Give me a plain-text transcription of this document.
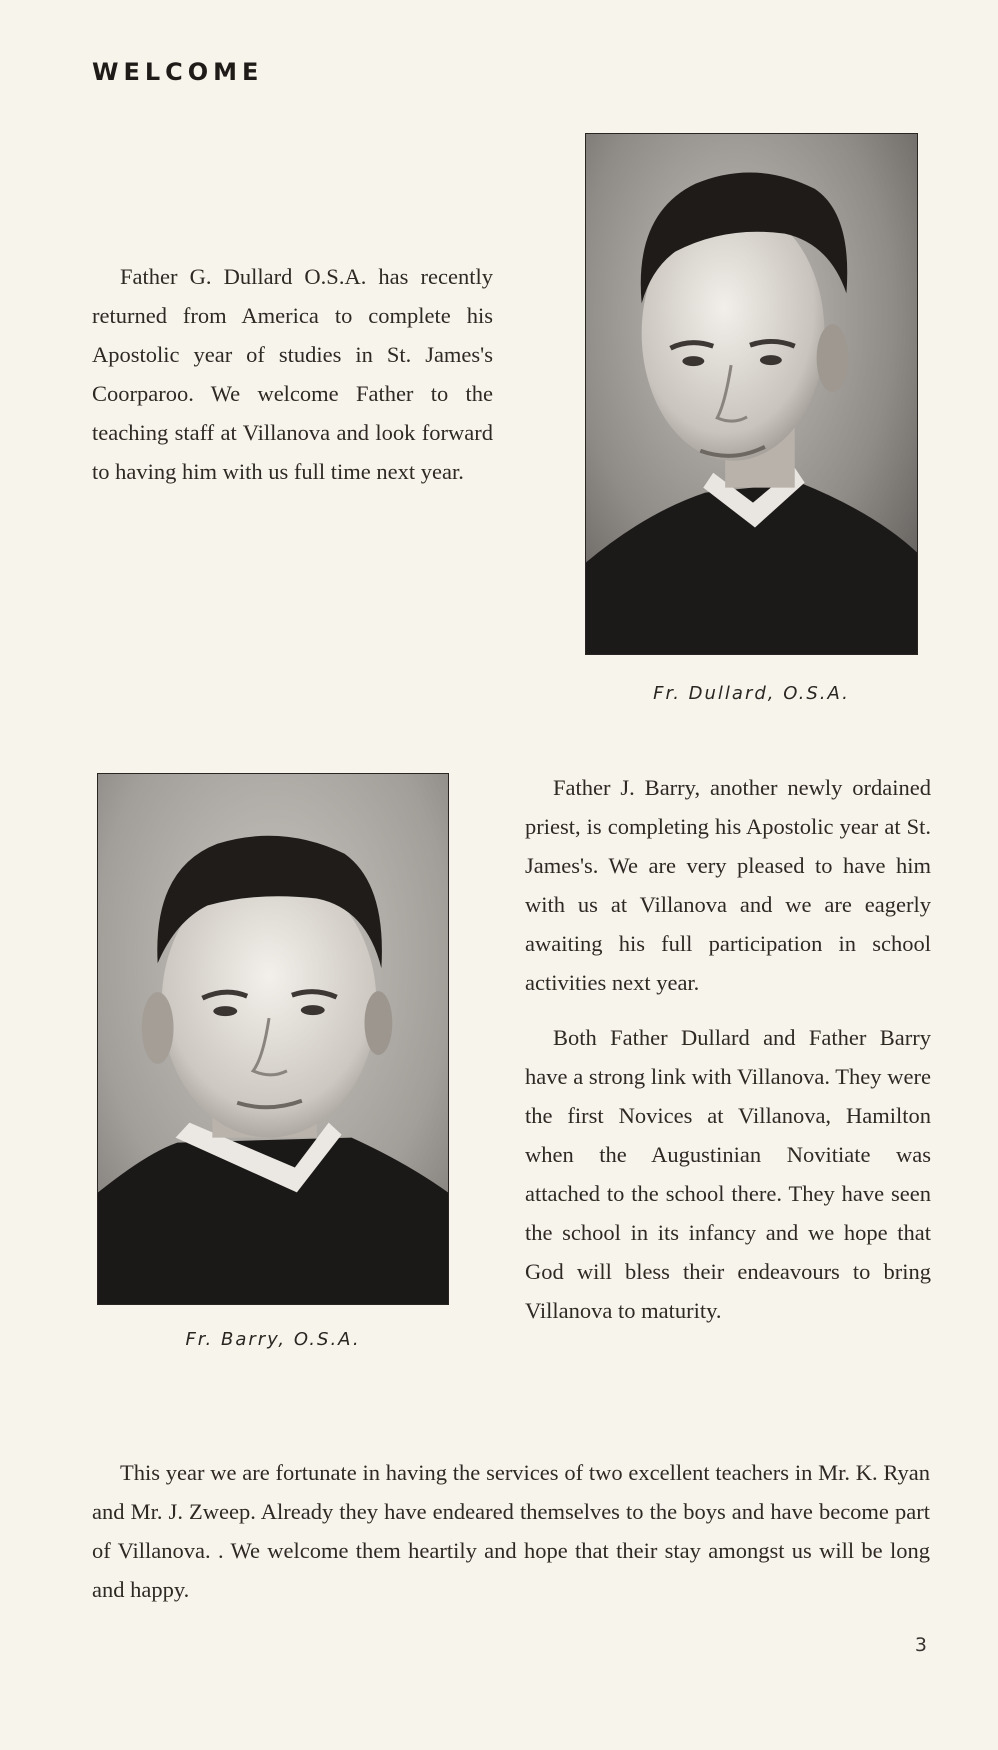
WELCOME

Father G. Dullard O.S.A. has recently returned from America to complete his Apostolic year of studies in St. James's Coorparoo. We welcome Father to the teaching staff at Villanova and look forward to having him with us full time next year.

Fr. Dullard, O.S.A.

Fr. Barry, O.S.A.

Father J. Barry, another newly ordained priest, is completing his Apostolic year at St. James's. We are very pleased to have him with us at Villanova and we are eagerly awaiting his full participation in school activities next year.

Both Father Dullard and Father Barry have a strong link with Villanova. They were the first Novices at Villanova, Hamilton when the Augustinian Novitiate was attached to the school there. They have seen the school in its infancy and we hope that God will bless their endeavours to bring Villanova to maturity.

This year we are fortunate in having the services of two excellent teachers in Mr. K. Ryan and Mr. J. Zweep. Already they have endeared themselves to the boys and have become part of Villanova. . We welcome them heartily and hope that their stay amongst us will be long and happy.

3
